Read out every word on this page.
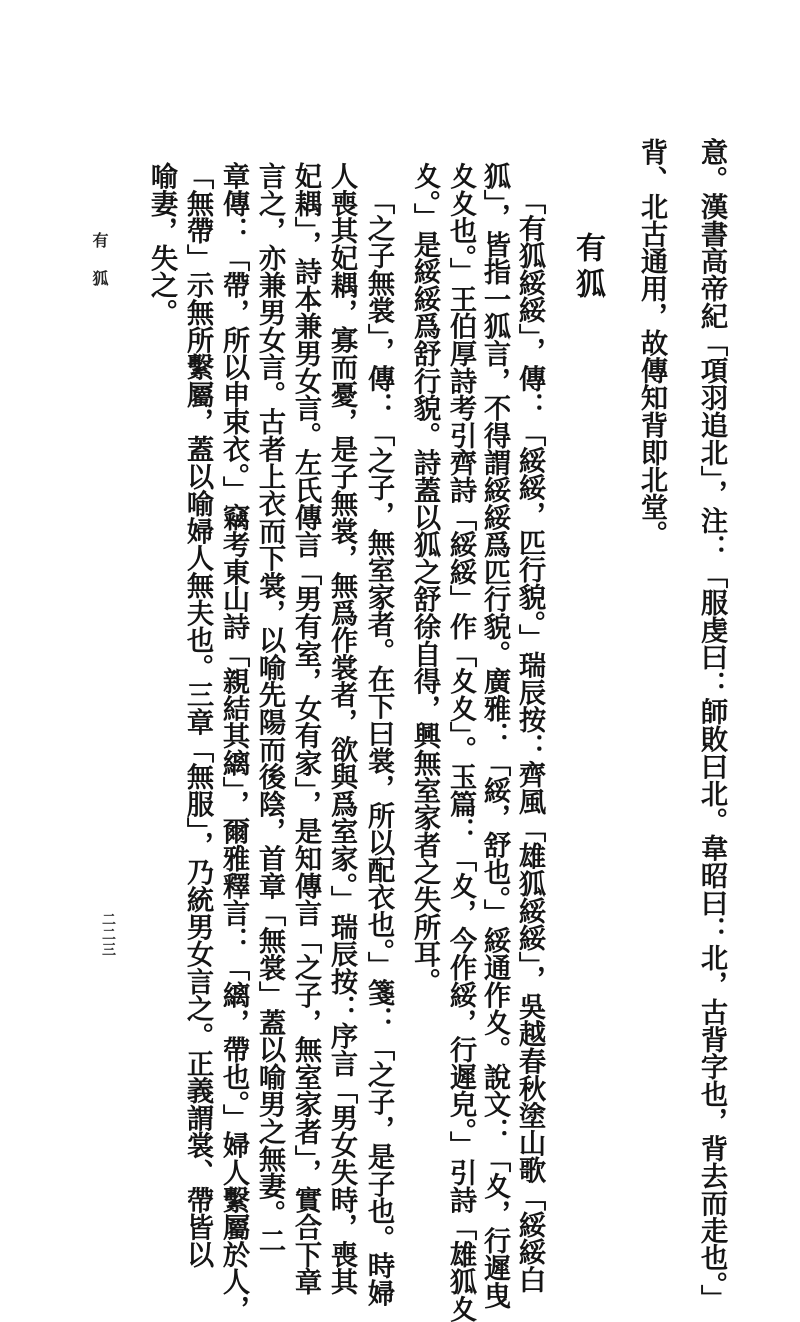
意。漢書高帝紀「項羽追北」，注：「服虔曰：師敗曰北。韋昭曰：北，古背字也，背去而走也。」
背、北古通用，故傳知背即北堂。
有狐
「有狐綏綏」，傳：「綏綏，匹行貌。」瑞辰按：齊風「雄狐綏綏」，吳越春秋塗山歌「綏綏白
狐」，皆指一狐言，不得謂綏綏爲匹行貌。廣雅：「綏，舒也。」綏通作夊。說文：「夊，行遲曳
夊夊也。」王伯厚詩考引齊詩「綏綏」作「夊夊」。玉篇：「夊，今作綏，行遲皃。」引詩「雄狐夊
夊。」是綏綏爲舒行貌。詩蓋以狐之舒徐自得，興無室家者之失所耳。
「之子無裳」，傳：「之子，無室家者。在下曰裳，所以配衣也。」箋：「之子，是子也。時婦
人喪其妃耦，寡而憂，是子無裳，無爲作裳者，欲與爲室家。」瑞辰按：序言「男女失時，喪其
妃耦」，詩本兼男女言。左氏傳言「男有室，女有家」，是知傳言「之子，無室家者」，實合下章
言之，亦兼男女言。古者上衣而下裳，以喻先陽而後陰，首章「無裳」蓋以喻男之無妻。二
章傳：「帶，所以申束衣。」竊考東山詩「親結其縭」，爾雅釋言：「縭，帶也。」婦人繫屬於人，
「無帶」示無所繫屬，蓋以喻婦人無夫也。三章「無服」，乃統男女言之。正義謂裳、帶皆以
喻妻，失之。
有狐
二二三
